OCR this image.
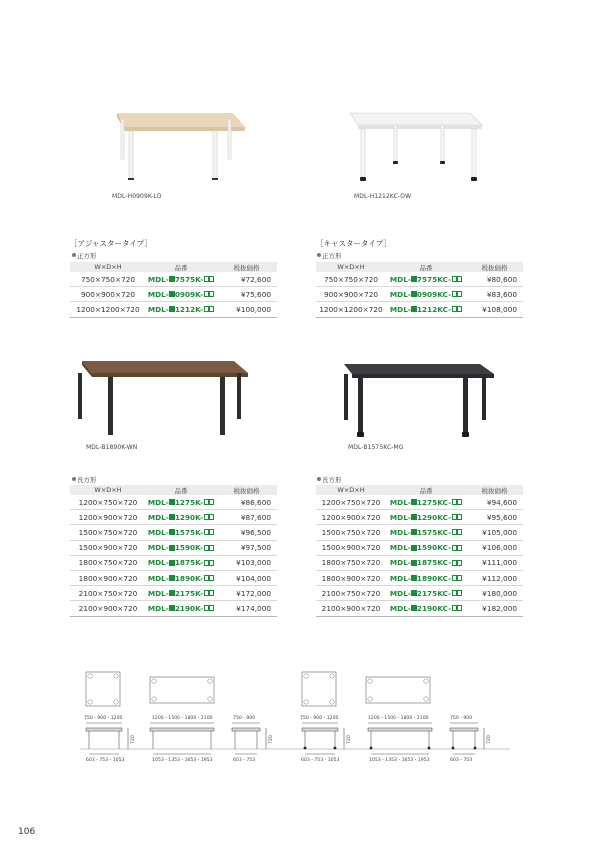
MDL-H0909K-LO	MDL-H1212KC-OW
［アジャスタータイプ］	［キャスタータイプ］
正方形
W×D×H	品番	税抜価格
750×750×720	MDL- 7575K-	¥72,600
900×900×720	MDL- 0909K-	¥75,600
1200×1200×720	MDL- 1212K-	¥100,000
正方形
W×D×H	品番	税抜価格
750×750×720	MDL- 7575KC-	¥80,600
900×900×720	MDL- 0909KC-	¥83,600
1200×1200×720	MDL- 1212KC-	¥108,000
MDL-B1890K-WN	MDL-B1575KC-MG
長方形
W×D×H	品番	税抜価格
1200×750×720	MDL- 1275K-	¥86,600
1200×900×720	MDL- 1290K-	¥87,600
1500×750×720	MDL- 1575K-	¥96,500
1500×900×720	MDL- 1590K-	¥97,500
1800×750×720	MDL- 1875K-	¥103,000
1800×900×720	MDL- 1890K-	¥104,000
2100×750×720	MDL- 2175K-	¥172,000
2100×900×720	MDL- 2190K-	¥174,000
長方形
W×D×H	品番	税抜価格
1200×750×720	MDL- 1275KC-	¥94,600
1200×900×720	MDL- 1290KC-	¥95,600
1500×750×720	MDL- 1575KC-	¥105,000
1500×900×720	MDL- 1590KC-	¥106,000
1800×750×720	MDL- 1875KC-	¥111,000
1800×900×720	MDL- 1890KC-	¥112,000
2100×750×720	MDL- 2175KC-	¥180,000
2100×900×720	MDL- 2190KC-	¥182,000
750・900・1200	1200・1500・1800・2100	750・900	750・900・1200	1200・1500・1800・2100	750・900
720	720	720	720
603・753・1053	1053・1353・1653・1953	603・753	603・753・1053	1053・1353・1653・1953	603・753
106
